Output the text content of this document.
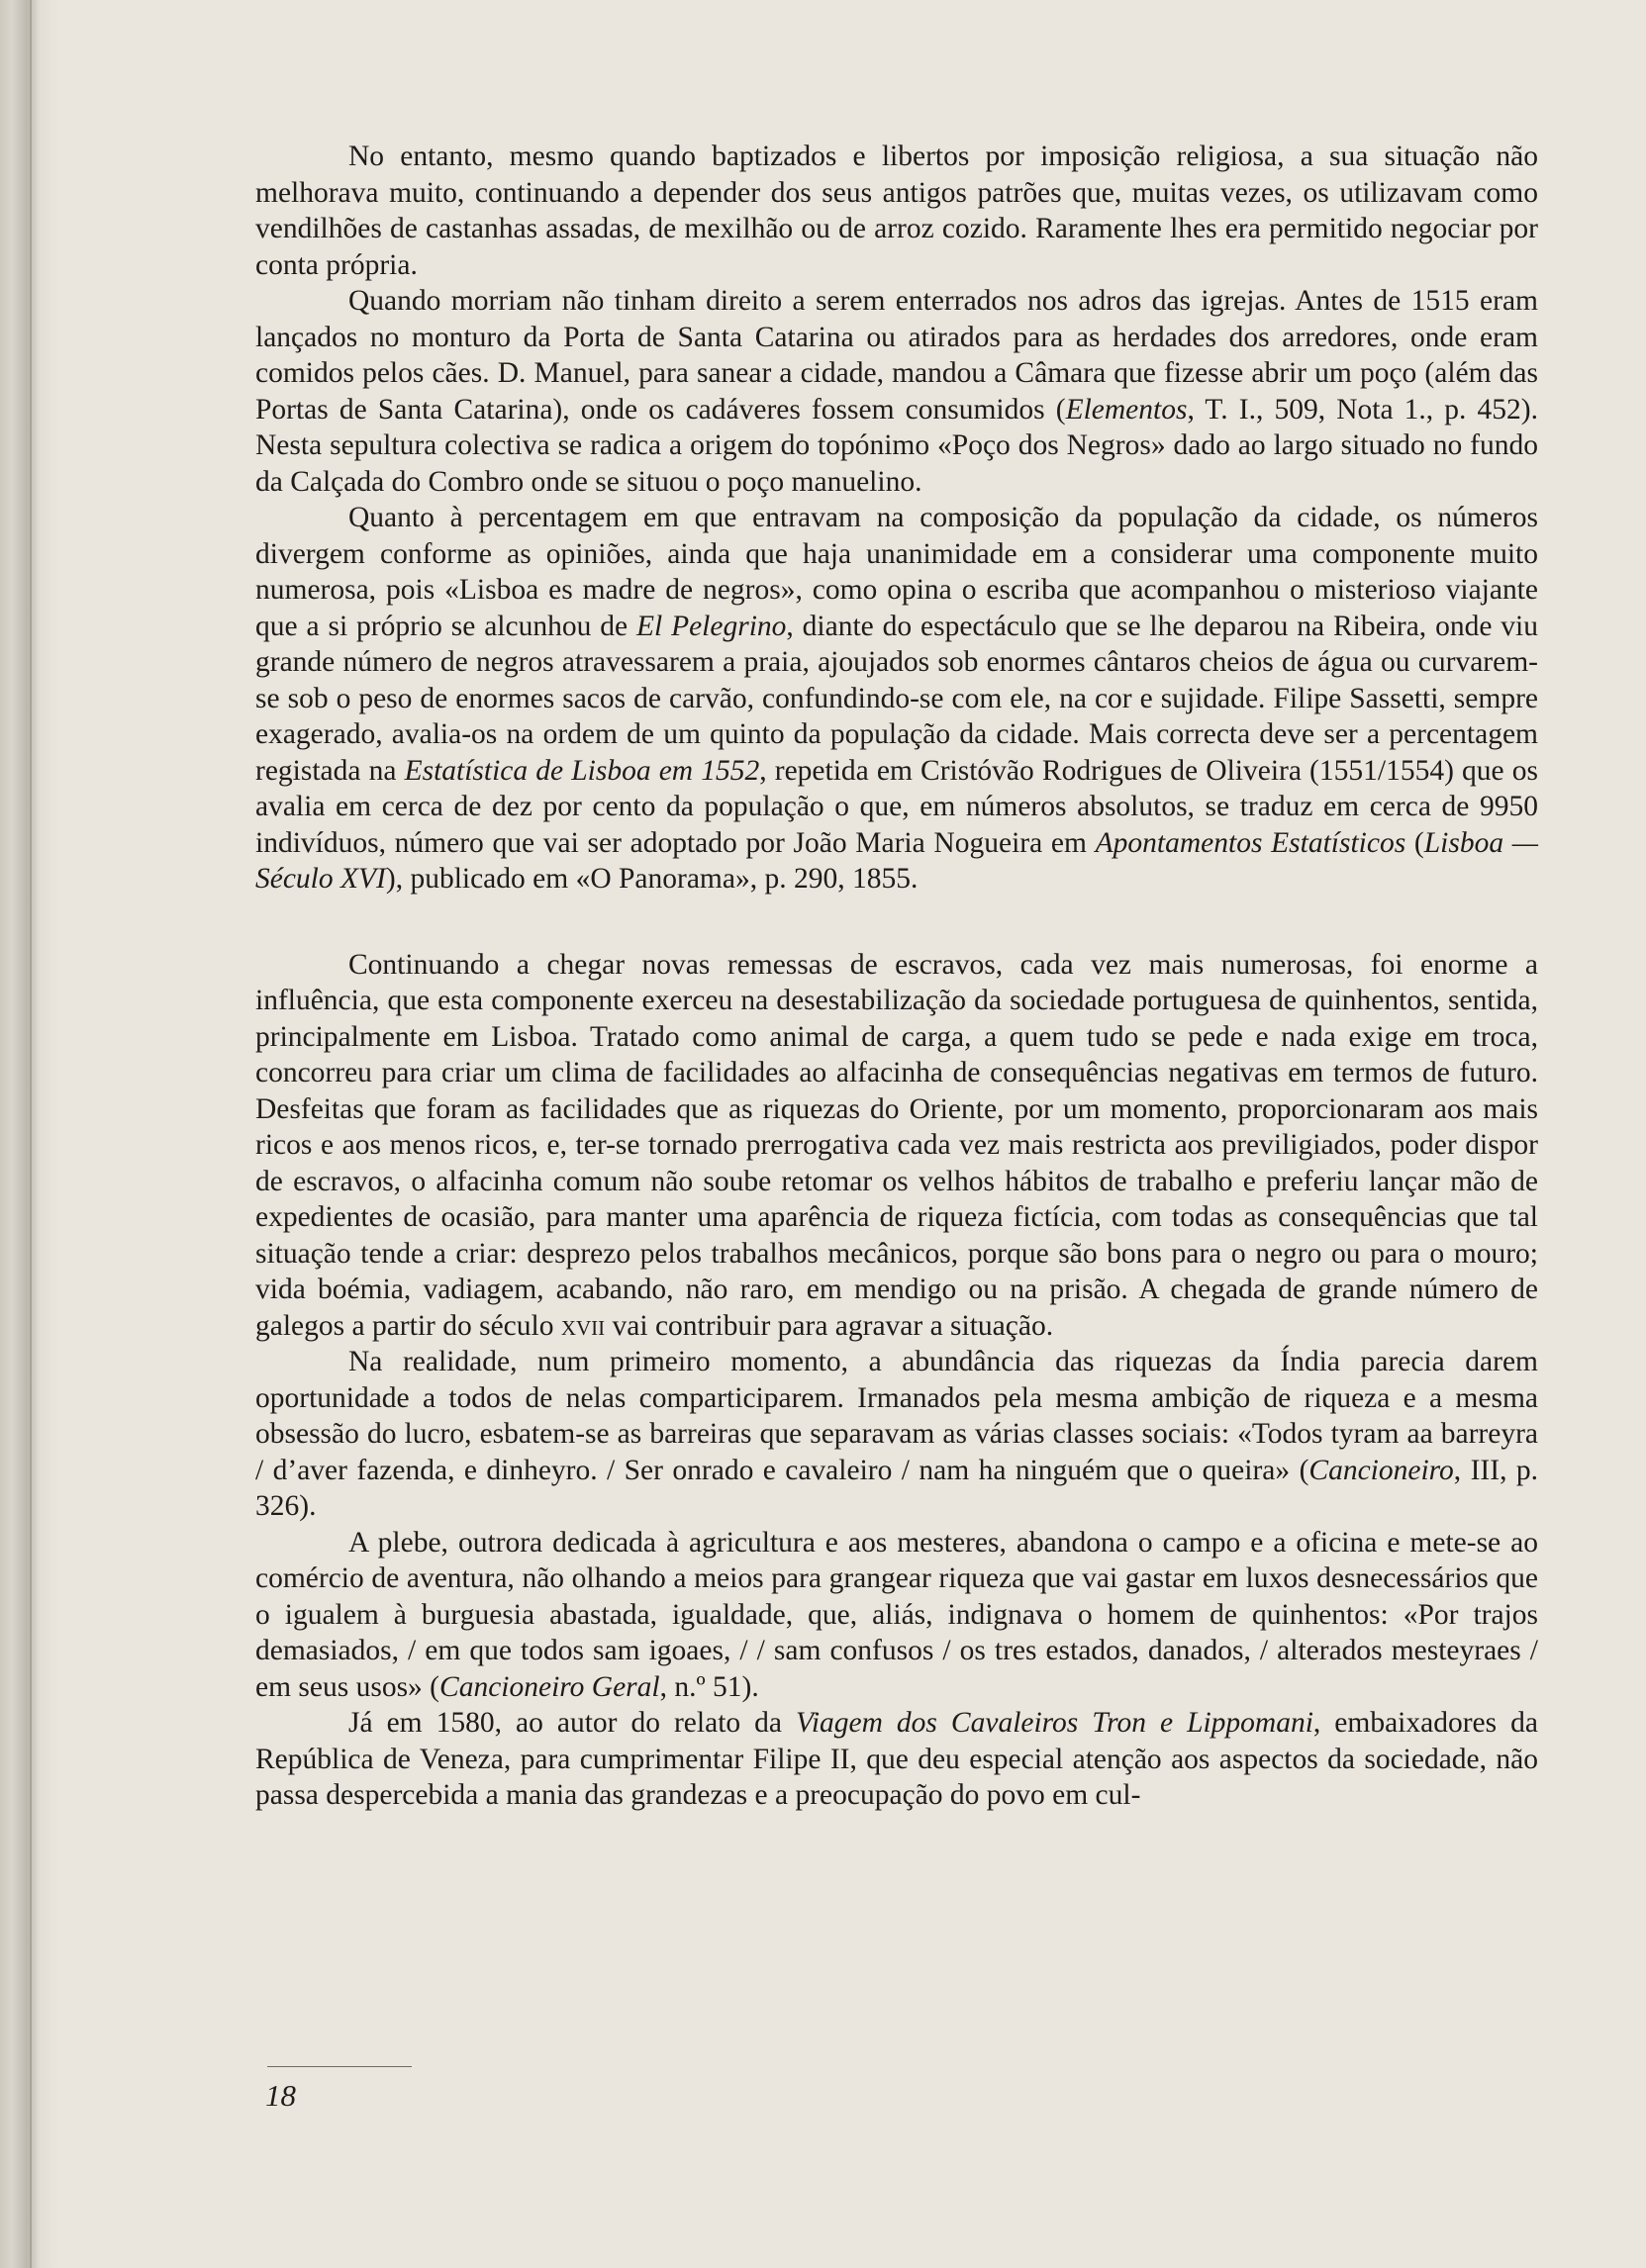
No entanto, mesmo quando baptizados e libertos por imposição religiosa, a sua situação não melhorava muito, continuando a depender dos seus antigos patrões que, muitas vezes, os utilizavam como vendilhões de castanhas assadas, de mexilhão ou de arroz cozido. Raramente lhes era permitido negociar por conta própria.

Quando morriam não tinham direito a serem enterrados nos adros das igrejas. Antes de 1515 eram lançados no monturo da Porta de Santa Catarina ou atirados para as herdades dos arredores, onde eram comidos pelos cães. D. Manuel, para sanear a cidade, mandou a Câmara que fizesse abrir um poço (além das Portas de Santa Catarina), onde os cadáveres fossem consumidos (Elementos, T. I., 509, Nota 1., p. 452). Nesta sepultura colectiva se radica a origem do topónimo «Poço dos Negros» dado ao largo situado no fundo da Calçada do Combro onde se situou o poço manuelino.

Quanto à percentagem em que entravam na composição da população da cidade, os números divergem conforme as opiniões, ainda que haja unanimidade em a considerar uma componente muito numerosa, pois «Lisboa es madre de negros», como opina o escriba que acompanhou o misterioso viajante que a si próprio se alcunhou de El Pelegrino, diante do espectáculo que se lhe deparou na Ribeira, onde viu grande número de negros atravessarem a praia, ajoujados sob enormes cântaros cheios de água ou curvarem-se sob o peso de enormes sacos de carvão, confundindo-se com ele, na cor e sujidade. Filipe Sassetti, sempre exagerado, avalia-os na ordem de um quinto da população da cidade. Mais correcta deve ser a percentagem registada na Estatística de Lisboa em 1552, repetida em Cristóvão Rodrigues de Oliveira (1551/1554) que os avalia em cerca de dez por cento da população o que, em números absolutos, se traduz em cerca de 9950 indivíduos, número que vai ser adoptado por João Maria Nogueira em Apontamentos Estatísticos (Lisboa — Século XVI), publicado em «O Panorama», p. 290, 1855.

Continuando a chegar novas remessas de escravos, cada vez mais numerosas, foi enorme a influência, que esta componente exerceu na desestabilização da sociedade portuguesa de quinhentos, sentida, principalmente em Lisboa. Tratado como animal de carga, a quem tudo se pede e nada exige em troca, concorreu para criar um clima de facilidades ao alfacinha de consequências negativas em termos de futuro. Desfeitas que foram as facilidades que as riquezas do Oriente, por um momento, proporcionaram aos mais ricos e aos menos ricos, e, ter-se tornado prerrogativa cada vez mais restricta aos previligiados, poder dispor de escravos, o alfacinha comum não soube retomar os velhos hábitos de trabalho e preferiu lançar mão de expedientes de ocasião, para manter uma aparência de riqueza fictícia, com todas as consequências que tal situação tende a criar: desprezo pelos trabalhos mecânicos, porque são bons para o negro ou para o mouro; vida boémia, vadiagem, acabando, não raro, em mendigo ou na prisão. A chegada de grande número de galegos a partir do século xvii vai contribuir para agravar a situação.

Na realidade, num primeiro momento, a abundância das riquezas da Índia parecia darem oportunidade a todos de nelas comparticiparem. Irmanados pela mesma ambição de riqueza e a mesma obsessão do lucro, esbatem-se as barreiras que separavam as várias classes sociais: «Todos tyram aa barreyra / d’aver fazenda, e dinheyro. / Ser onrado e cavaleiro / nam ha ninguém que o queira» (Cancioneiro, III, p. 326).

A plebe, outrora dedicada à agricultura e aos mesteres, abandona o campo e a oficina e mete-se ao comércio de aventura, não olhando a meios para grangear riqueza que vai gastar em luxos desnecessários que o igualem à burguesia abastada, igualdade, que, aliás, indignava o homem de quinhentos: «Por trajos demasiados, / em que todos sam igoaes, / / sam confusos / os tres estados, danados, / alterados mesteyraes / em seus usos» (Cancioneiro Geral, n.º 51).

Já em 1580, ao autor do relato da Viagem dos Cavaleiros Tron e Lippomani, embaixadores da República de Veneza, para cumprimentar Filipe II, que deu especial atenção aos aspectos da sociedade, não passa despercebida a mania das grandezas e a preocupação do povo em cul-

18
